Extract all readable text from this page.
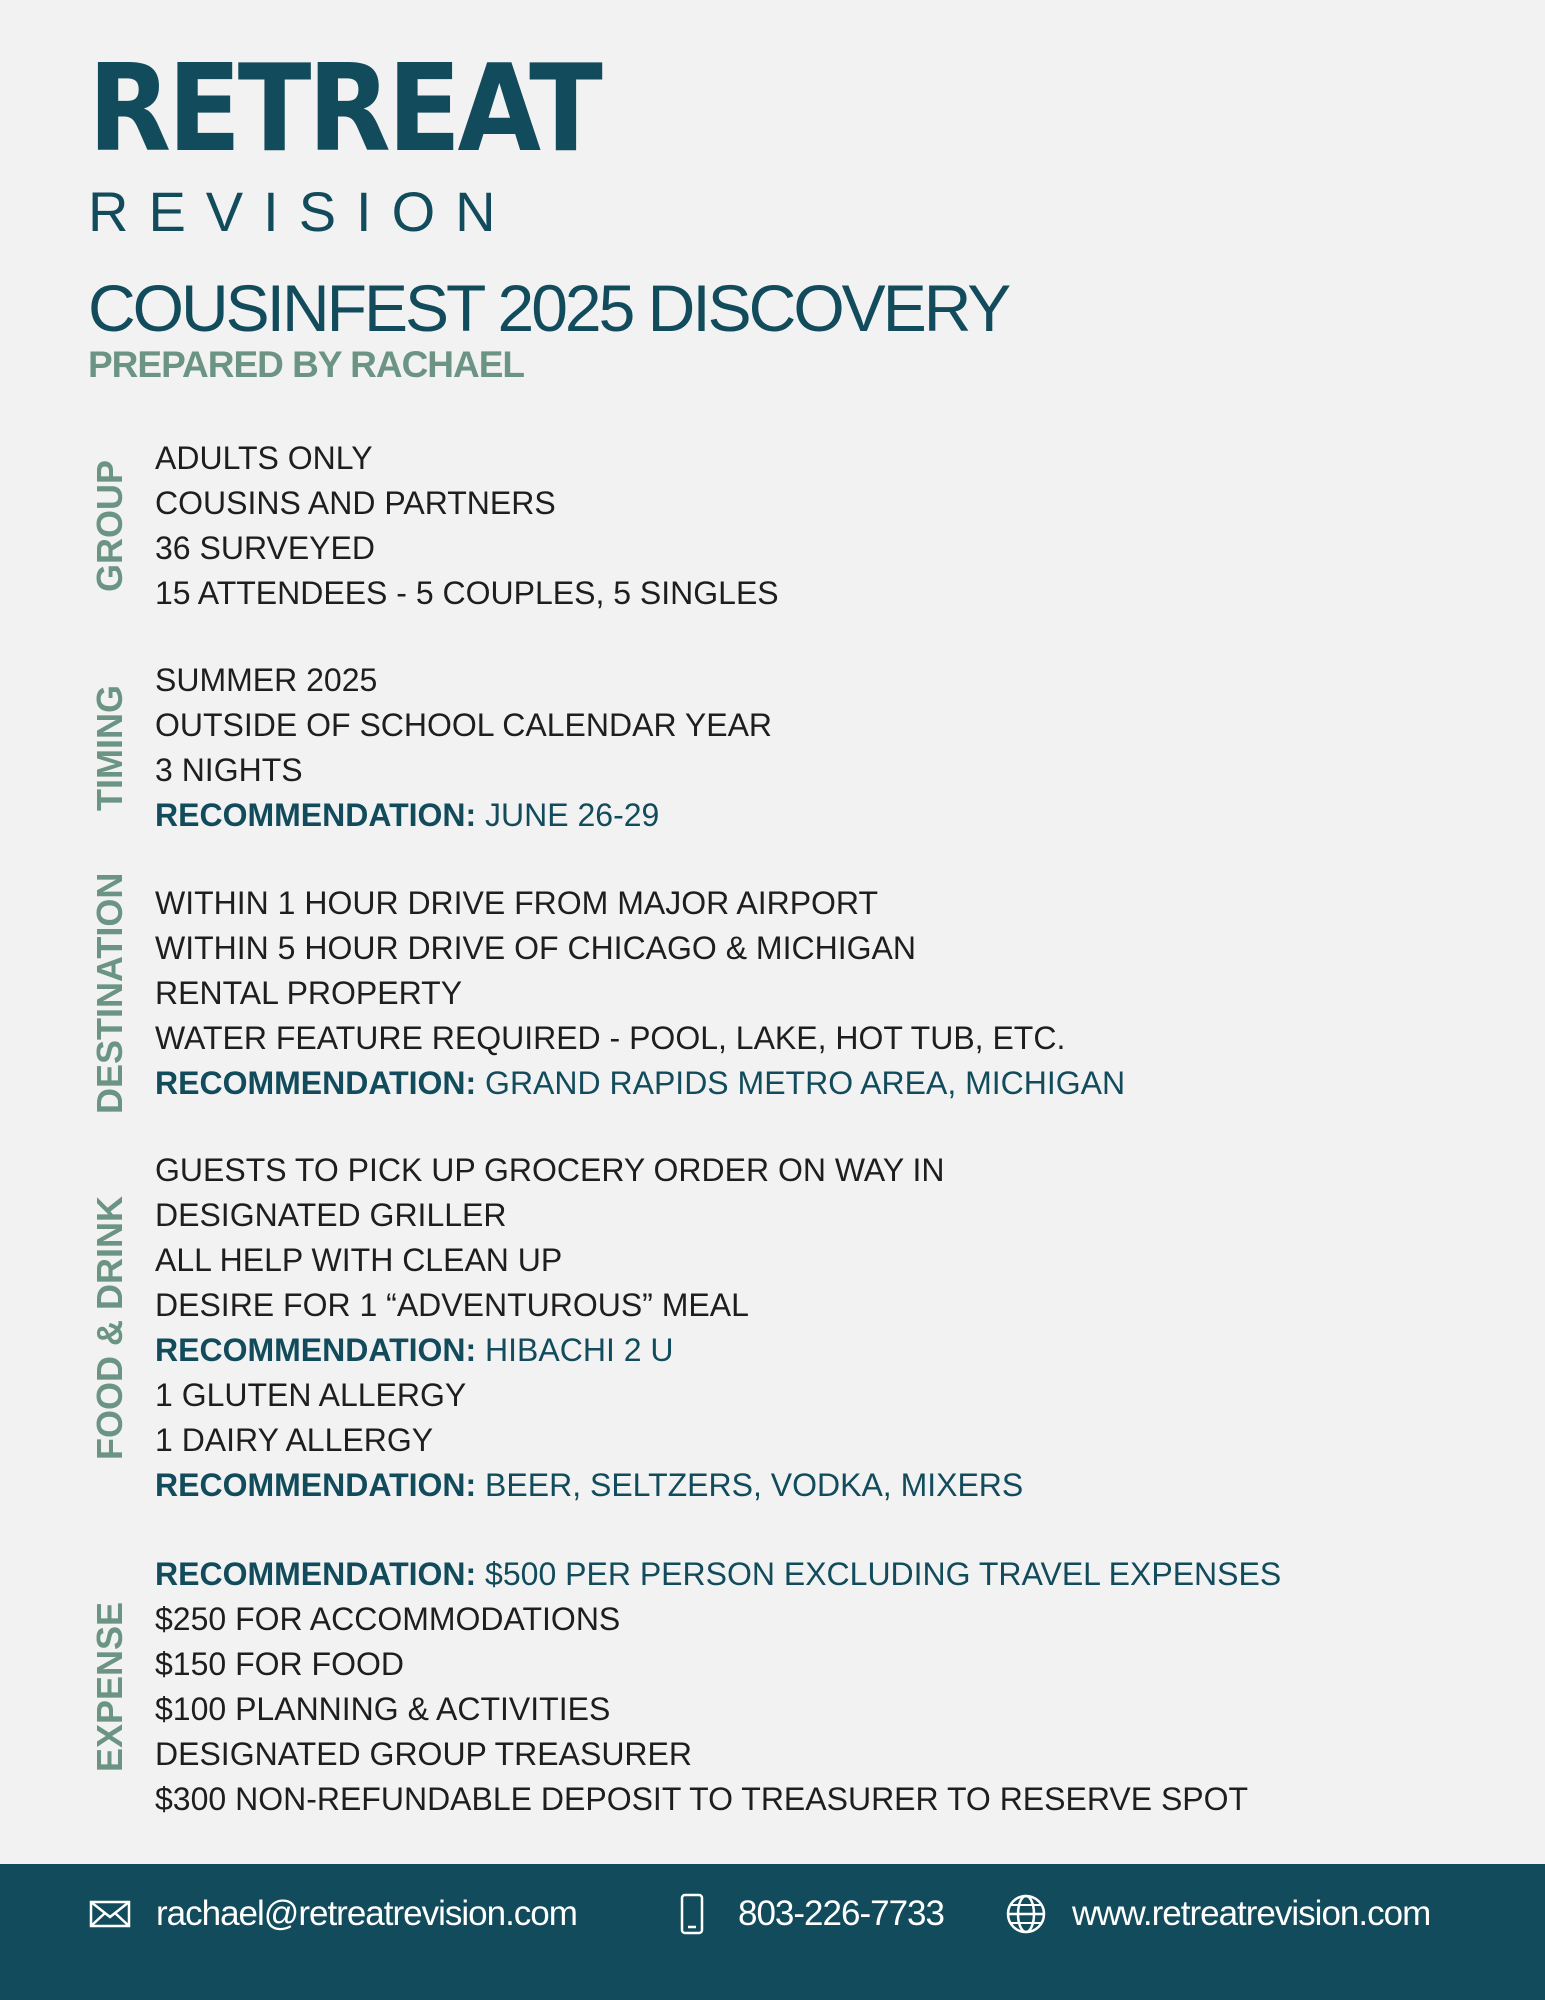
RETREAT
REVISION
COUSINFEST 2025 DISCOVERY
PREPARED BY RACHAEL
GROUP
ADULTS ONLY
COUSINS AND PARTNERS
36 SURVEYED
15 ATTENDEES - 5 COUPLES, 5 SINGLES
TIMING
SUMMER 2025
OUTSIDE OF SCHOOL CALENDAR YEAR
3 NIGHTS
RECOMMENDATION: JUNE 26-29
DESTINATION WITHIN 1 HOUR DRIVE FROM MAJOR AIRPORT
WITHIN 5 HOUR DRIVE OF CHICAGO & MICHIGAN
RENTAL PROPERTY
WATER FEATURE REQUIRED - POOL, LAKE, HOT TUB, ETC.
RECOMMENDATION: GRAND RAPIDS METRO AREA, MICHIGAN
FOOD & DRINK
GUESTS TO PICK UP GROCERY ORDER ON WAY IN
DESIGNATED GRILLER
ALL HELP WITH CLEAN UP
DESIRE FOR 1 “ADVENTUROUS” MEAL
RECOMMENDATION: HIBACHI 2 U
1 GLUTEN ALLERGY
1 DAIRY ALLERGY
RECOMMENDATION: BEER, SELTZERS, VODKA, MIXERS
EXPENSE
RECOMMENDATION: $500 PER PERSON EXCLUDING TRAVEL EXPENSES
$250 FOR ACCOMMODATIONS
$150 FOR FOOD
$100 PLANNING & ACTIVITIES
DESIGNATED GROUP TREASURER
$300 NON-REFUNDABLE DEPOSIT TO TREASURER TO RESERVE SPOT
rachael@retreatrevision.com	803-226-7733	www.retreatrevision.com
